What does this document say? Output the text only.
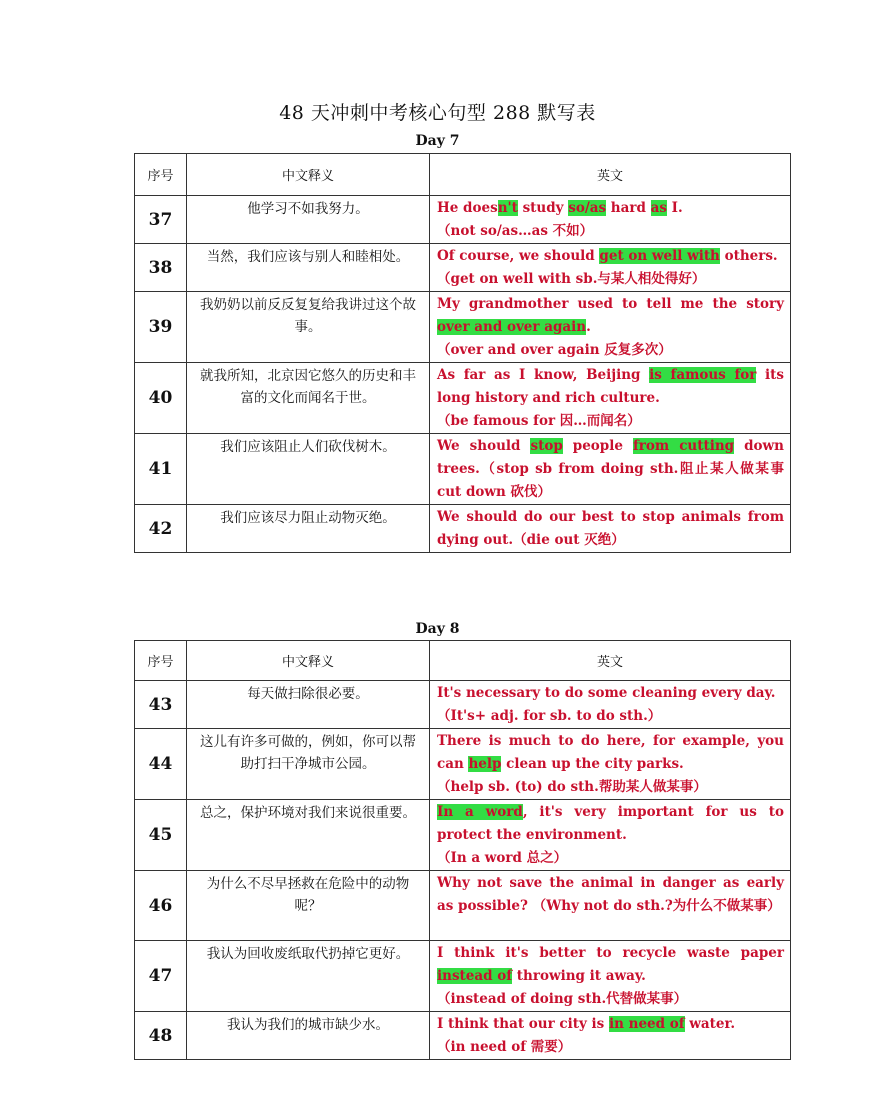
48 天冲刺中考核心句型 288 默写表
Day 7
序号	中文释义	英文
37	他学习不如我努力。	He doesn't study so/as hard as I.
（not so/as…as 不如）

38	当然，我们应该与别人和睦相处。	Of course, we should get on well with others.
（get on well with sb.与某人相处得好）

39	我奶奶以前反反复复给我讲过这个故事。	My grandmother used to tell me the story over and over again.
（over and over again 反复多次）

40	就我所知，北京因它悠久的历史和丰富的文化而闻名于世。	As far as I know, Beijing is famous for its long history and rich culture.
（be famous for 因…而闻名）

41	我们应该阻止人们砍伐树木。	We should stop people from cutting down trees.（stop sb from doing sth.阻止某人做某事 cut down 砍伐）
42	我们应该尽力阻止动物灭绝。	We should do our best to stop animals from dying out.（die out 灭绝）
Day 8
序号	中文释义	英文
43	每天做扫除很必要。	It's necessary to do some cleaning every day.
（It's+ adj. for sb. to do sth.）

44	这儿有许多可做的，例如，你可以帮助打扫干净城市公园。	There is much to do here, for example, you can help clean up the city parks.
（help sb. (to) do sth.帮助某人做某事）

45	总之，保护环境对我们来说很重要。	In a word, it's very important for us to protect the environment.
（In a word 总之）

46	为什么不尽早拯救在危险中的动物呢？	Why not save the animal in danger as early as possible? （Why not do sth.?为什么不做某事）
47	我认为回收废纸取代扔掉它更好。	I think it's better to recycle waste paper instead of throwing it away.
（instead of doing sth.代替做某事）

48	我认为我们的城市缺少水。	I think that our city is in need of water.
（in need of 需要）
